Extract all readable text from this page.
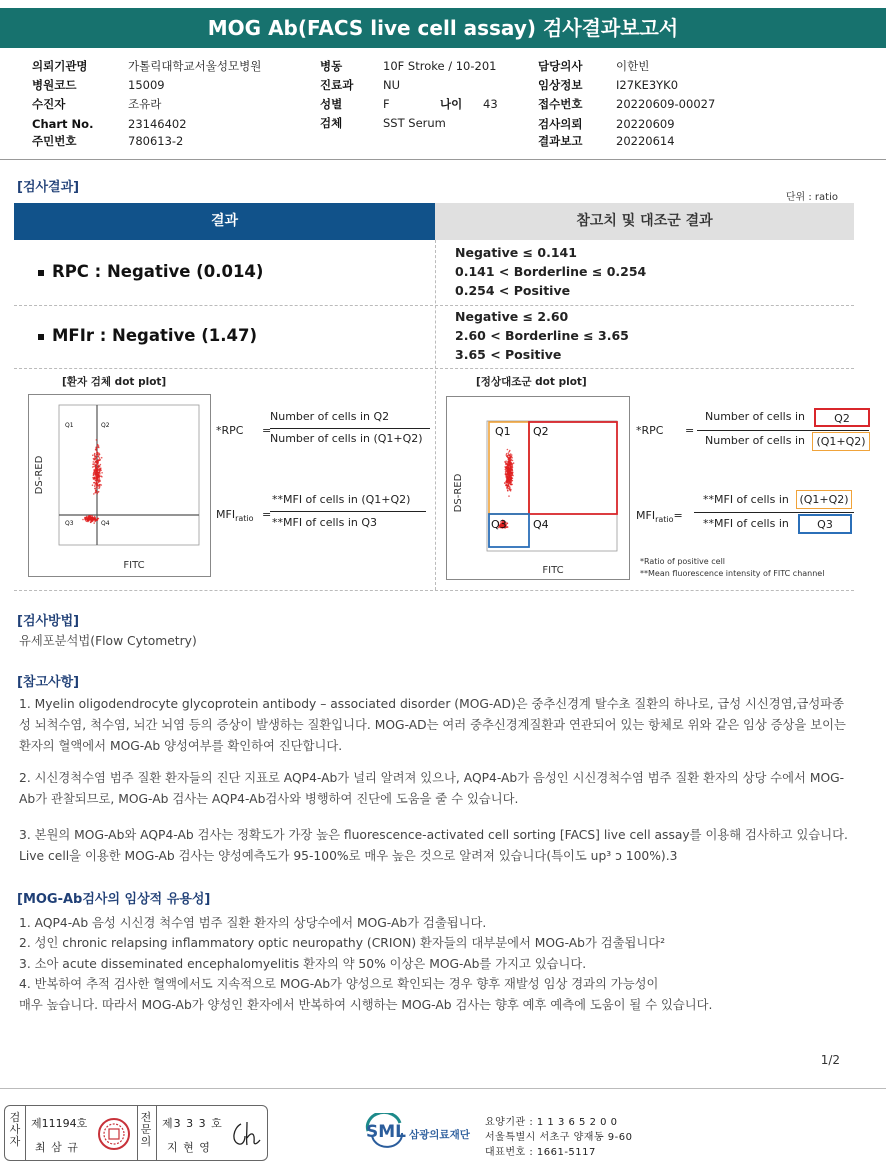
MOG Ab(FACS live cell assay) 검사결과보고서
의뢰기관명	가톨릭대학교서울성모병원
병원코드	15009
수진자	조유라
Chart No.	23146402
주민번호	780613-2
병동	10F Stroke / 10-201
진료과	NU
성별	F	나이 43
검체	SST Serum
담당의사	이한빈
임상정보	I27KE3YK0
접수번호	20220609-00027
검사의뢰	20220609
결과보고	20220614
[검사결과]
단위 : ratio
결과	참고치 및 대조군 결과
RPC : Negative (0.014)
Negative ≤ 0.141
0.141 < Borderline ≤ 0.254
0.254 < Positive
MFIr : Negative (1.47)
Negative ≤ 2.60
2.60 < Borderline ≤ 3.65
3.65 < Positive
[환자 검체 dot plot]
Q1	Q2
Q3	Q4
FITC
DS-RED
*RPC =
Number of cells in Q2
Number of cells in (Q1+Q2)
$MFI_{ratio}$ =
**MFI of cells in (Q1+Q2)
**MFI of cells in Q3
[정상대조군 dot plot]
Q1 Q2
Q3 Q4
FITC
DS-RED
*RPC =
Number of cells in	Q2
Number of cells in	(Q1+Q2)
$MFI_{ratio}=$
**MFI of cells in (Q1+Q2)
**MFI of cells in	Q3
*Ratio of positive cell
**Mean fluorescence intensity of FITC channel
[검사방법]
유세포분석법(Flow Cytometry)
[참고사항]
1. Myelin oligodendrocyte glycoprotein antibody – associated disorder (MOG-AD)은 중추신경계 탈수초 질환의 하나로, 급성 시신경염,급성파종성 뇌척수염, 척수염, 뇌간 뇌염 등의 증상이 발생하는 질환입니다. MOG-AD는 여러 중추신경계질환과 연관되어 있는 항체로 위와 같은 임상 증상을 보이는 환자의 혈액에서 MOG-Ab 양성여부를 확인하여 진단합니다.
2. 시신경척수염 범주 질환 환자들의 진단 지표로 AQP4-Ab가 널리 알려져 있으나, AQP4-Ab가 음성인 시신경척수염 범주 질환 환자의 상당 수에서 MOG-Ab가 관찰되므로, MOG-Ab 검사는 AQP4-Ab검사와 병행하여 진단에 도움을 줄 수 있습니다.
3. 본원의 MOG-Ab와 AQP4-Ab 검사는 정확도가 가장 높은 fluorescence-activated cell sorting [FACS] live cell assay를 이용해 검사하고 있습니다. Live cell을 이용한 MOG-Ab 검사는 양성예측도가 95-100%로 매우 높은 것으로 알려져 있습니다(특이도 up³ ɔ 100%).3
[MOG-Ab검사의 임상적 유용성]
1. AQP4-Ab 음성 시신경 척수염 범주 질환 환자의 상당수에서 MOG-Ab가 검출됩니다.
2. 성인 chronic relapsing inflammatory optic neuropathy (CRION) 환자들의 대부분에서 MOG-Ab가 검출됩니다²
3. 소아 acute disseminated encephalomyelitis 환자의 약 50% 이상은 MOG-Ab를 가지고 있습니다.
4. 반복하여 추적 검사한 혈액에서도 지속적으로 MOG-Ab가 양성으로 확인되는 경우 향후 재발성 임상 경과의 가능성이
매우 높습니다. 따라서 MOG-Ab가 양성인 환자에서 반복하여 시행하는 MOG-Ab 검사는 향후 예후 예측에 도움이 될 수 있습니다.
1/2
검
사
자
제11194호
최 삼 규
전
문
의
제3 3 3 호
지 현 영
SML 삼광의료재단
요양기관 : 1 1 3 6 5 2 0 0
서울특별시 서초구 양재동 9-60
대표번호 : 1661-5117
